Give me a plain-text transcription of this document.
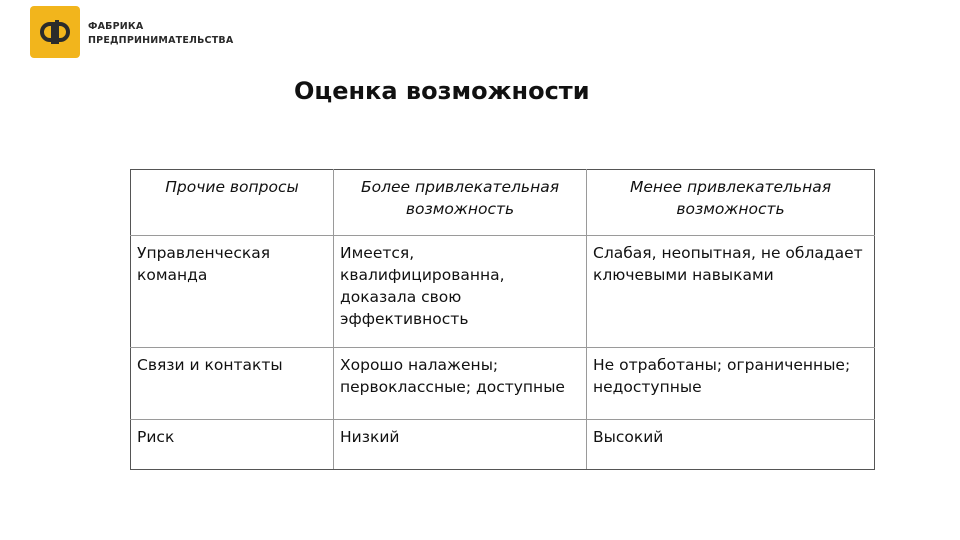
ФАБРИКА
ПРЕДПРИНИМАТЕЛЬСТВА
Оценка возможности
Прочие вопросы	Более привлекательная возможность	Менее привлекательная возможность
Управленческая команда	Имеется, квалифицированна, доказала свою эффективность	Слабая, неопытная, не обладает ключевыми навыками
Связи и контакты	Хорошо налажены; первоклассные; доступные	Не отработаны; ограниченные; недоступные
Риск	Низкий	Высокий
